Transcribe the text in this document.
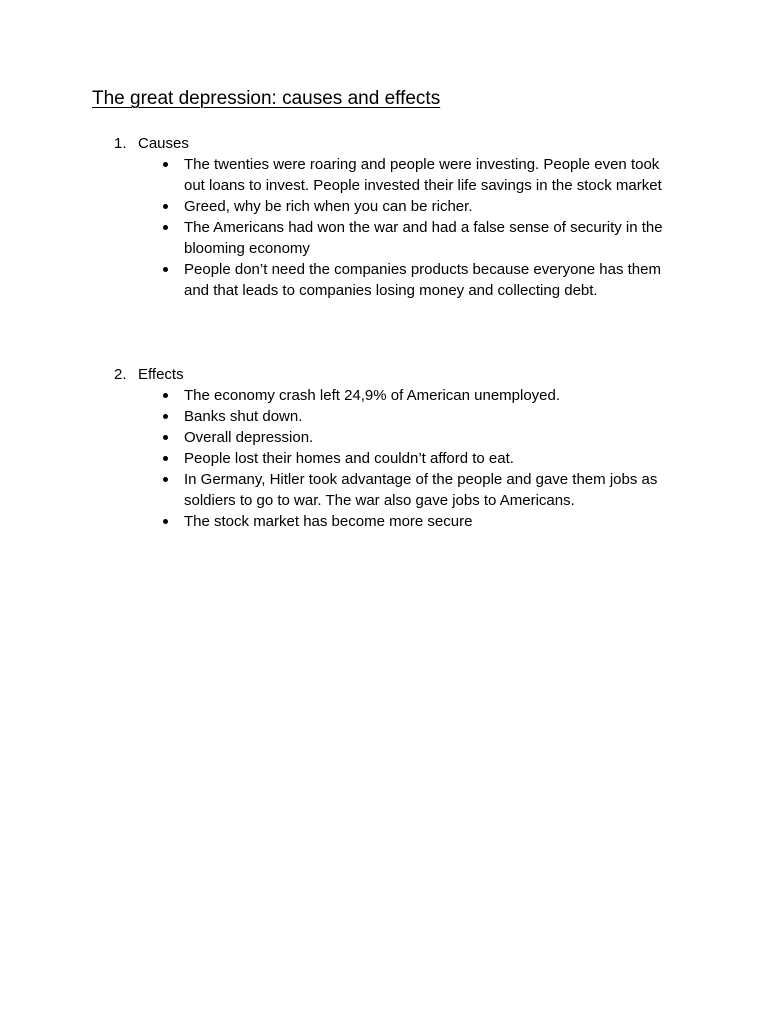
The great depression: causes and effects
1. Causes
The twenties were roaring and people were investing. People even took out loans to invest. People invested their life savings in the stock market
Greed, why be rich when you can be richer.
The Americans had won the war and had a false sense of security in the blooming economy
People don’t need the companies products because everyone has them and that leads to companies losing money and collecting debt.
2. Effects
The economy crash left 24,9% of American unemployed.
Banks shut down.
Overall depression.
People lost their homes and couldn’t afford to eat.
In Germany, Hitler took advantage of the people and gave them jobs as soldiers to go to war. The war also gave jobs to Americans.
The stock market has become more secure
